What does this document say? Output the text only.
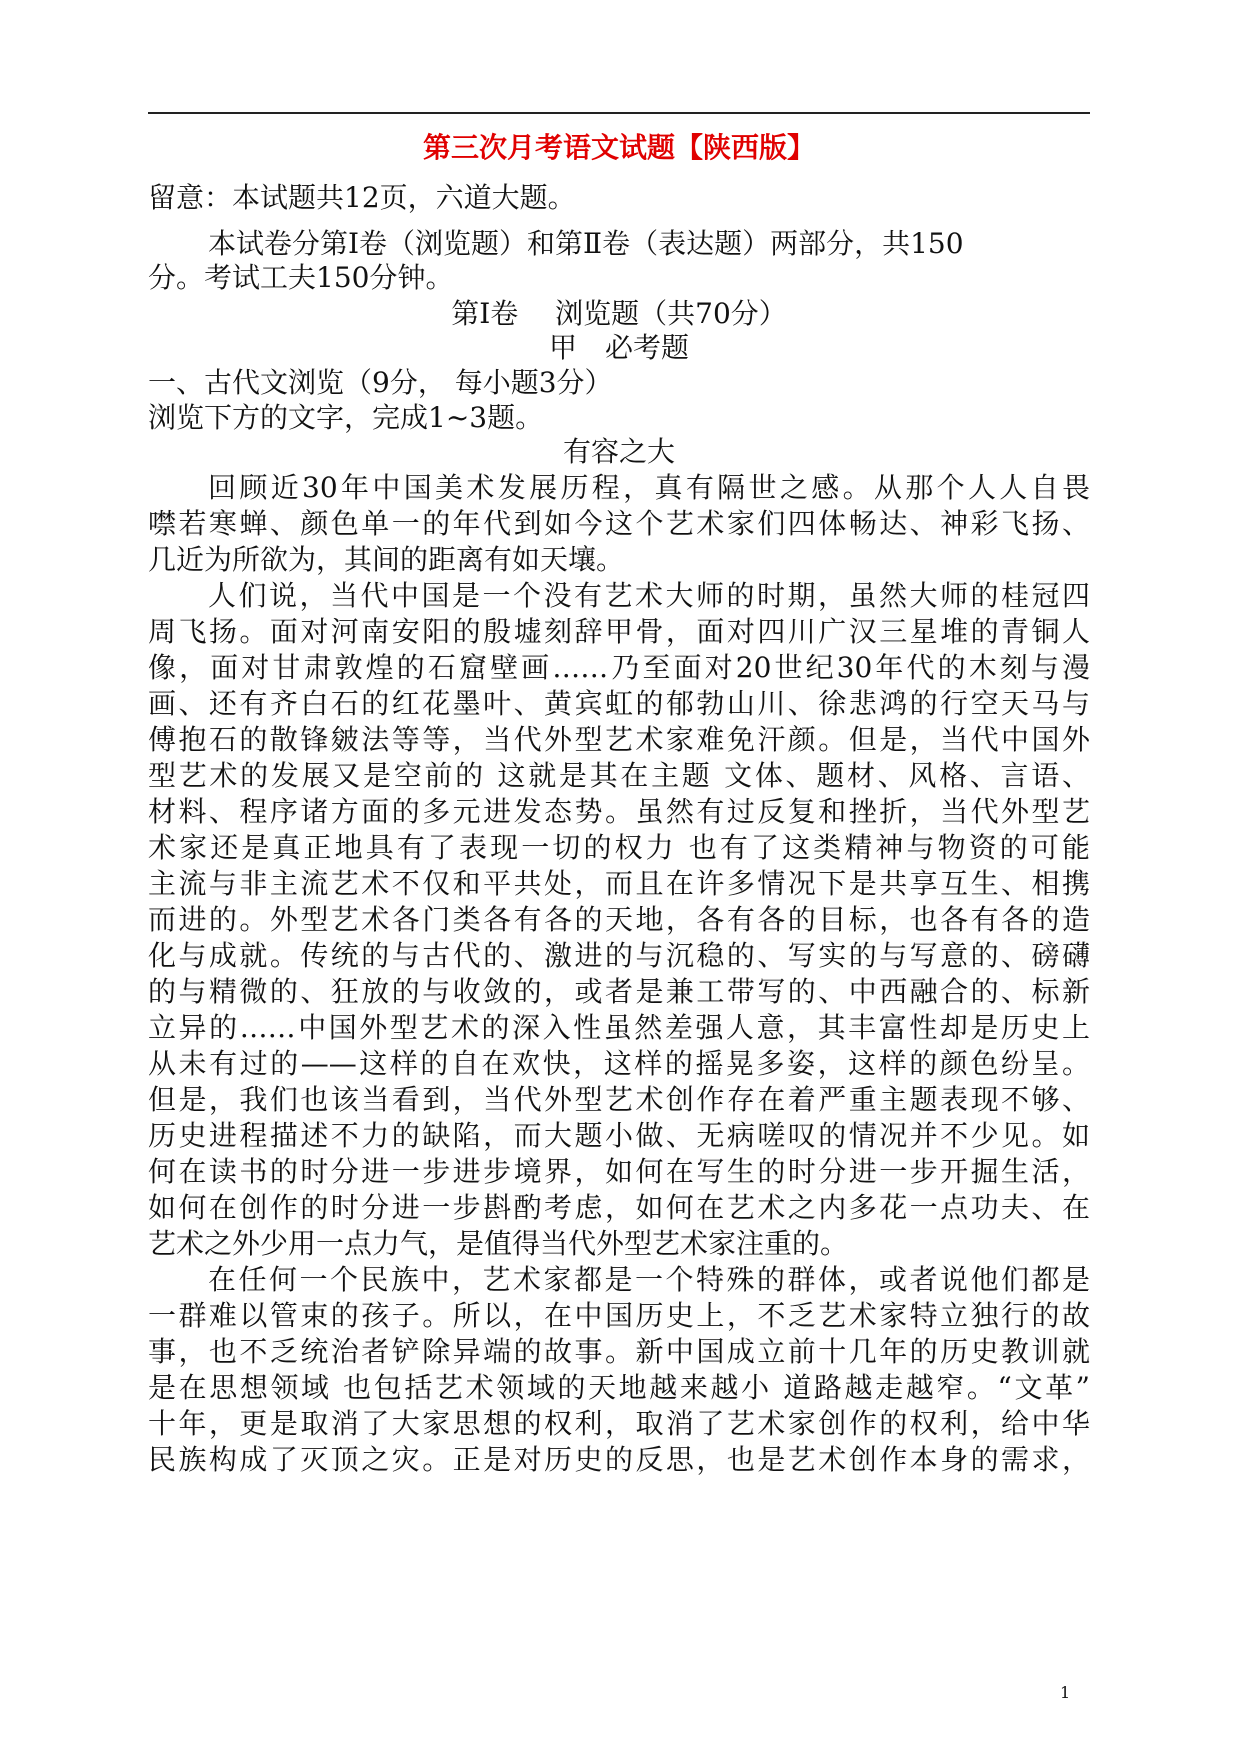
第三次月考语文试题【陕西版】
留意：本试题共12页，六道大题。
本试卷分第Ⅰ卷（浏览题）和第Ⅱ卷（表达题）两部分，共150
分。考试工夫150分钟。
第Ⅰ卷　 浏览题（共70分）
甲　必考题
一、古代文浏览（9分， 每小题3分）
浏览下方的文字，完成1~3题。
有容之大
回顾近30年中国美术发展历程，真有隔世之感。从那个人人自畏
噤若寒蝉、颜色单一的年代到如今这个艺术家们四体畅达、神彩飞扬、
几近为所欲为，其间的距离有如天壤。
人们说，当代中国是一个没有艺术大师的时期，虽然大师的桂冠四
周飞扬。面对河南安阳的殷墟刻辞甲骨，面对四川广汉三星堆的青铜人
像，面对甘肃敦煌的石窟壁画……乃至面对20世纪30年代的木刻与漫
画、还有齐白石的红花墨叶、黄宾虹的郁勃山川、徐悲鸿的行空天马与
傅抱石的散锋皴法等等，当代外型艺术家难免汗颜。但是，当代中国外
型艺术的发展又是空前的 这就是其在主题 文体、题材、风格、言语、
材料、程序诸方面的多元进发态势。虽然有过反复和挫折，当代外型艺
术家还是真正地具有了表现一切的权力 也有了这类精神与物资的可能
主流与非主流艺术不仅和平共处，而且在许多情况下是共享互生、相携
而进的。外型艺术各门类各有各的天地，各有各的目标，也各有各的造
化与成就。传统的与古代的、激进的与沉稳的、写实的与写意的、磅礴
的与精微的、狂放的与收敛的，或者是兼工带写的、中西融合的、标新
立异的……中国外型艺术的深入性虽然差强人意，其丰富性却是历史上
从未有过的——这样的自在欢快，这样的摇晃多姿，这样的颜色纷呈。
但是，我们也该当看到，当代外型艺术创作存在着严重主题表现不够、
历史进程描述不力的缺陷，而大题小做、无病嗟叹的情况并不少见。如
何在读书的时分进一步进步境界，如何在写生的时分进一步开掘生活，
如何在创作的时分进一步斟酌考虑，如何在艺术之内多花一点功夫、在
艺术之外少用一点力气，是值得当代外型艺术家注重的。
在任何一个民族中，艺术家都是一个特殊的群体，或者说他们都是
一群难以管束的孩子。所以，在中国历史上，不乏艺术家特立独行的故
事，也不乏统治者铲除异端的故事。新中国成立前十几年的历史教训就
是在思想领域 也包括艺术领域的天地越来越小 道路越走越窄。“文革”
十年，更是取消了大家思想的权利，取消了艺术家创作的权利，给中华
民族构成了灭顶之灾。正是对历史的反思，也是艺术创作本身的需求，
1
